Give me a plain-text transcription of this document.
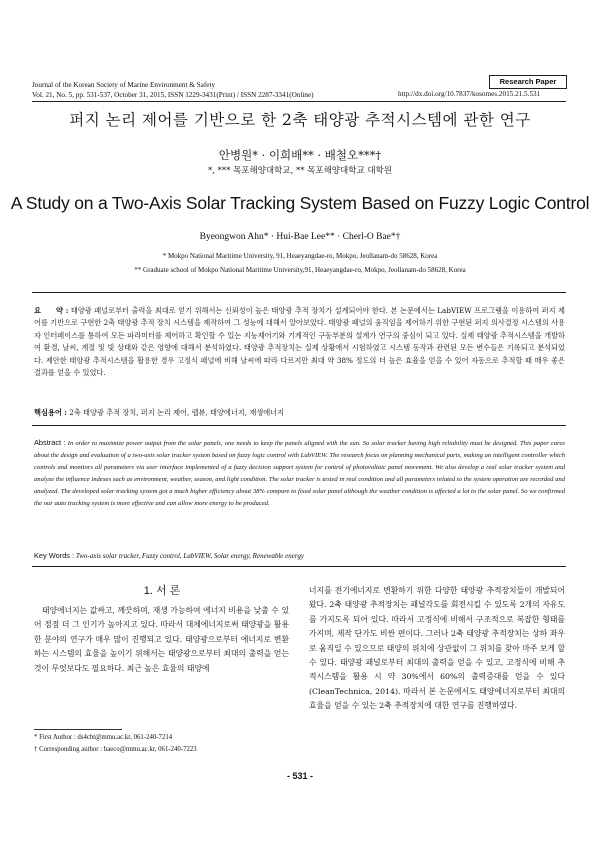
Journal of the Korean Society of Marine Environment & Safety
Vol. 21, No. 5, pp. 531-537, October 31, 2015, ISSN 1229-3431(Print) / ISSN 2287-3341(Online)	http://dx.doi.org/10.7837/kosomes.2015.21.5.531
Research Paper
퍼지 논리 제어를 기반으로 한 2축 태양광 추적시스템에 관한 연구
안병원* · 이희배** · 배철오***†
*, *** 목포해양대학교, ** 목포해양대학교 대학원
A Study on a Two-Axis Solar Tracking System Based on Fuzzy Logic Control
Byeongwon Ahn* · Hui-Bae Lee** · Cherl-O Bae*†
* Mokpo National Maritime University, 91, Heaeyangdae-ro, Mokpo, Jeollanam-do 58628, Korea
** Graduate school of Mokpo National Maritime University,91, Heaeyangdae-ro, Mokpo, Jeollanam-do 58628, Korea
요　　약 : 태양광 패널로부터 출력을 최대로 얻기 위해서는 신뢰성이 높은 태양광 추적 장치가 설계되어야 한다. 본 논문에서는 LabVIEW 프로그램을 이용하여 퍼지 제어를 기반으로 구현한 2축 태양광 추적 장치 시스템을 제작하여 그 성능에 대해서 알아보았다. 태양광 패널의 움직임을 제어하기 위한 구현된 퍼지 의사결정 시스템의 사용자 인터페이스를 통하여 모든 파라미터를 제어하고 확인할 수 있는 지능제어기와 기계적인 구동부분의 설계가 연구의 중심이 되고 있다. 실제 태양광 추적시스템을 개발하여 환경, 날씨, 계절 및 빛 상태와 같은 영향에 대해서 분석하였다. 태양광 추적장치는 실제 상황에서 시험하였고 시스템 동작과 관련된 모든 변수들은 기록되고 분석되었다. 제안한 태양광 추적시스템을 활용한 경우 고정식 패널에 비해 날씨에 따라 다르지만 최대 약 38% 정도의 더 높은 효율을 얻을 수 있어 자동으로 추적할 때 매우 좋은 결과를 얻을 수 있었다.
핵심용어 : 2축 태양광 추적 장치, 퍼지 논리 제어, 랩뷰, 태양에너지, 재생에너지
Abstract : In order to maximize power output from the solar panels, one needs to keep the panels aligned with the sun. So solar tracker having high reliability must be designed. This paper cares about the design and evaluation of a two-axis solar tracker system based on fuzzy logic control with LabVIEW. The research focus on planning mechanical parts, making an intelligent controller which controls and monitors all parameters via user interface implemented of a fuzzy decision support system for control of photovoltaic panel movement. We also develop a real solar tracker system and analyze the influence indexes such as environment, weather, season, and light condition. The solar tracker is tested in real condition and all parameters related to the system operation are recorded and analyzed. The developed solar tracking system got a much higher efficiency about 38% compare to fixed solar panel although the weather condition is affected a lot to the solar panel. So we confirmed the our auto tracking system is more effective and can allow more energy to be produced.
Key Words : Two-axis solar tracker, Fuzzy control, LabVIEW, Solar energy, Renewable energy
1. 서 론
태양에너지는 값싸고, 깨끗하며, 재생 가능하여 에너지 비용을 낮출 수 있어 점점 더 그 인기가 높아지고 있다. 따라서 대체에너지로써 태양광을 활용한 분야의 연구가 매우 많이 진행되고 있다. 태양광으로부터 에너지로 변환하는 시스템의 효율을 높이기 위해서는 태양광으로부터 최대의 출력을 얻는 것이 무엇보다도 필요하다. 최근 높은 효율의 태양에
너지를 전기에너지로 변환하기 위한 다양한 태양광 추적장치들이 개발되어 왔다. 2축 태양광 추적장치는 패널각도를 회전시킬 수 있도록 2개의 자유도를 가지도록 되어 있다. 따라서 고정식에 비해서 구조적으로 복잡한 형태를 가지며, 제작 단가도 비싼 편이다. 그러나 2축 태양광 추적장치는 상하 좌우로 움직일 수 있으므로 태양의 위치에 상관없이 그 위치를 찾아 마주 보게 할 수 있다. 태양광 패널로부터 최대의 출력을 얻을 수 있고, 고정식에 비해 추적시스템을 활용 시 약 30%에서 60%의 출력증대를 얻을 수 있다(CleanTechnica, 2014). 따라서 본 논문에서도 태양에너지로부터 최대의 효율을 얻을 수 있는 2축 추적장치에 대한 연구를 진행하였다.
* First Author : ds4cbt@mmu.ac.kr, 061-240-7214
† Corresponding author : baeco@mmu.ac.kr, 061-240-7223
- 531 -
